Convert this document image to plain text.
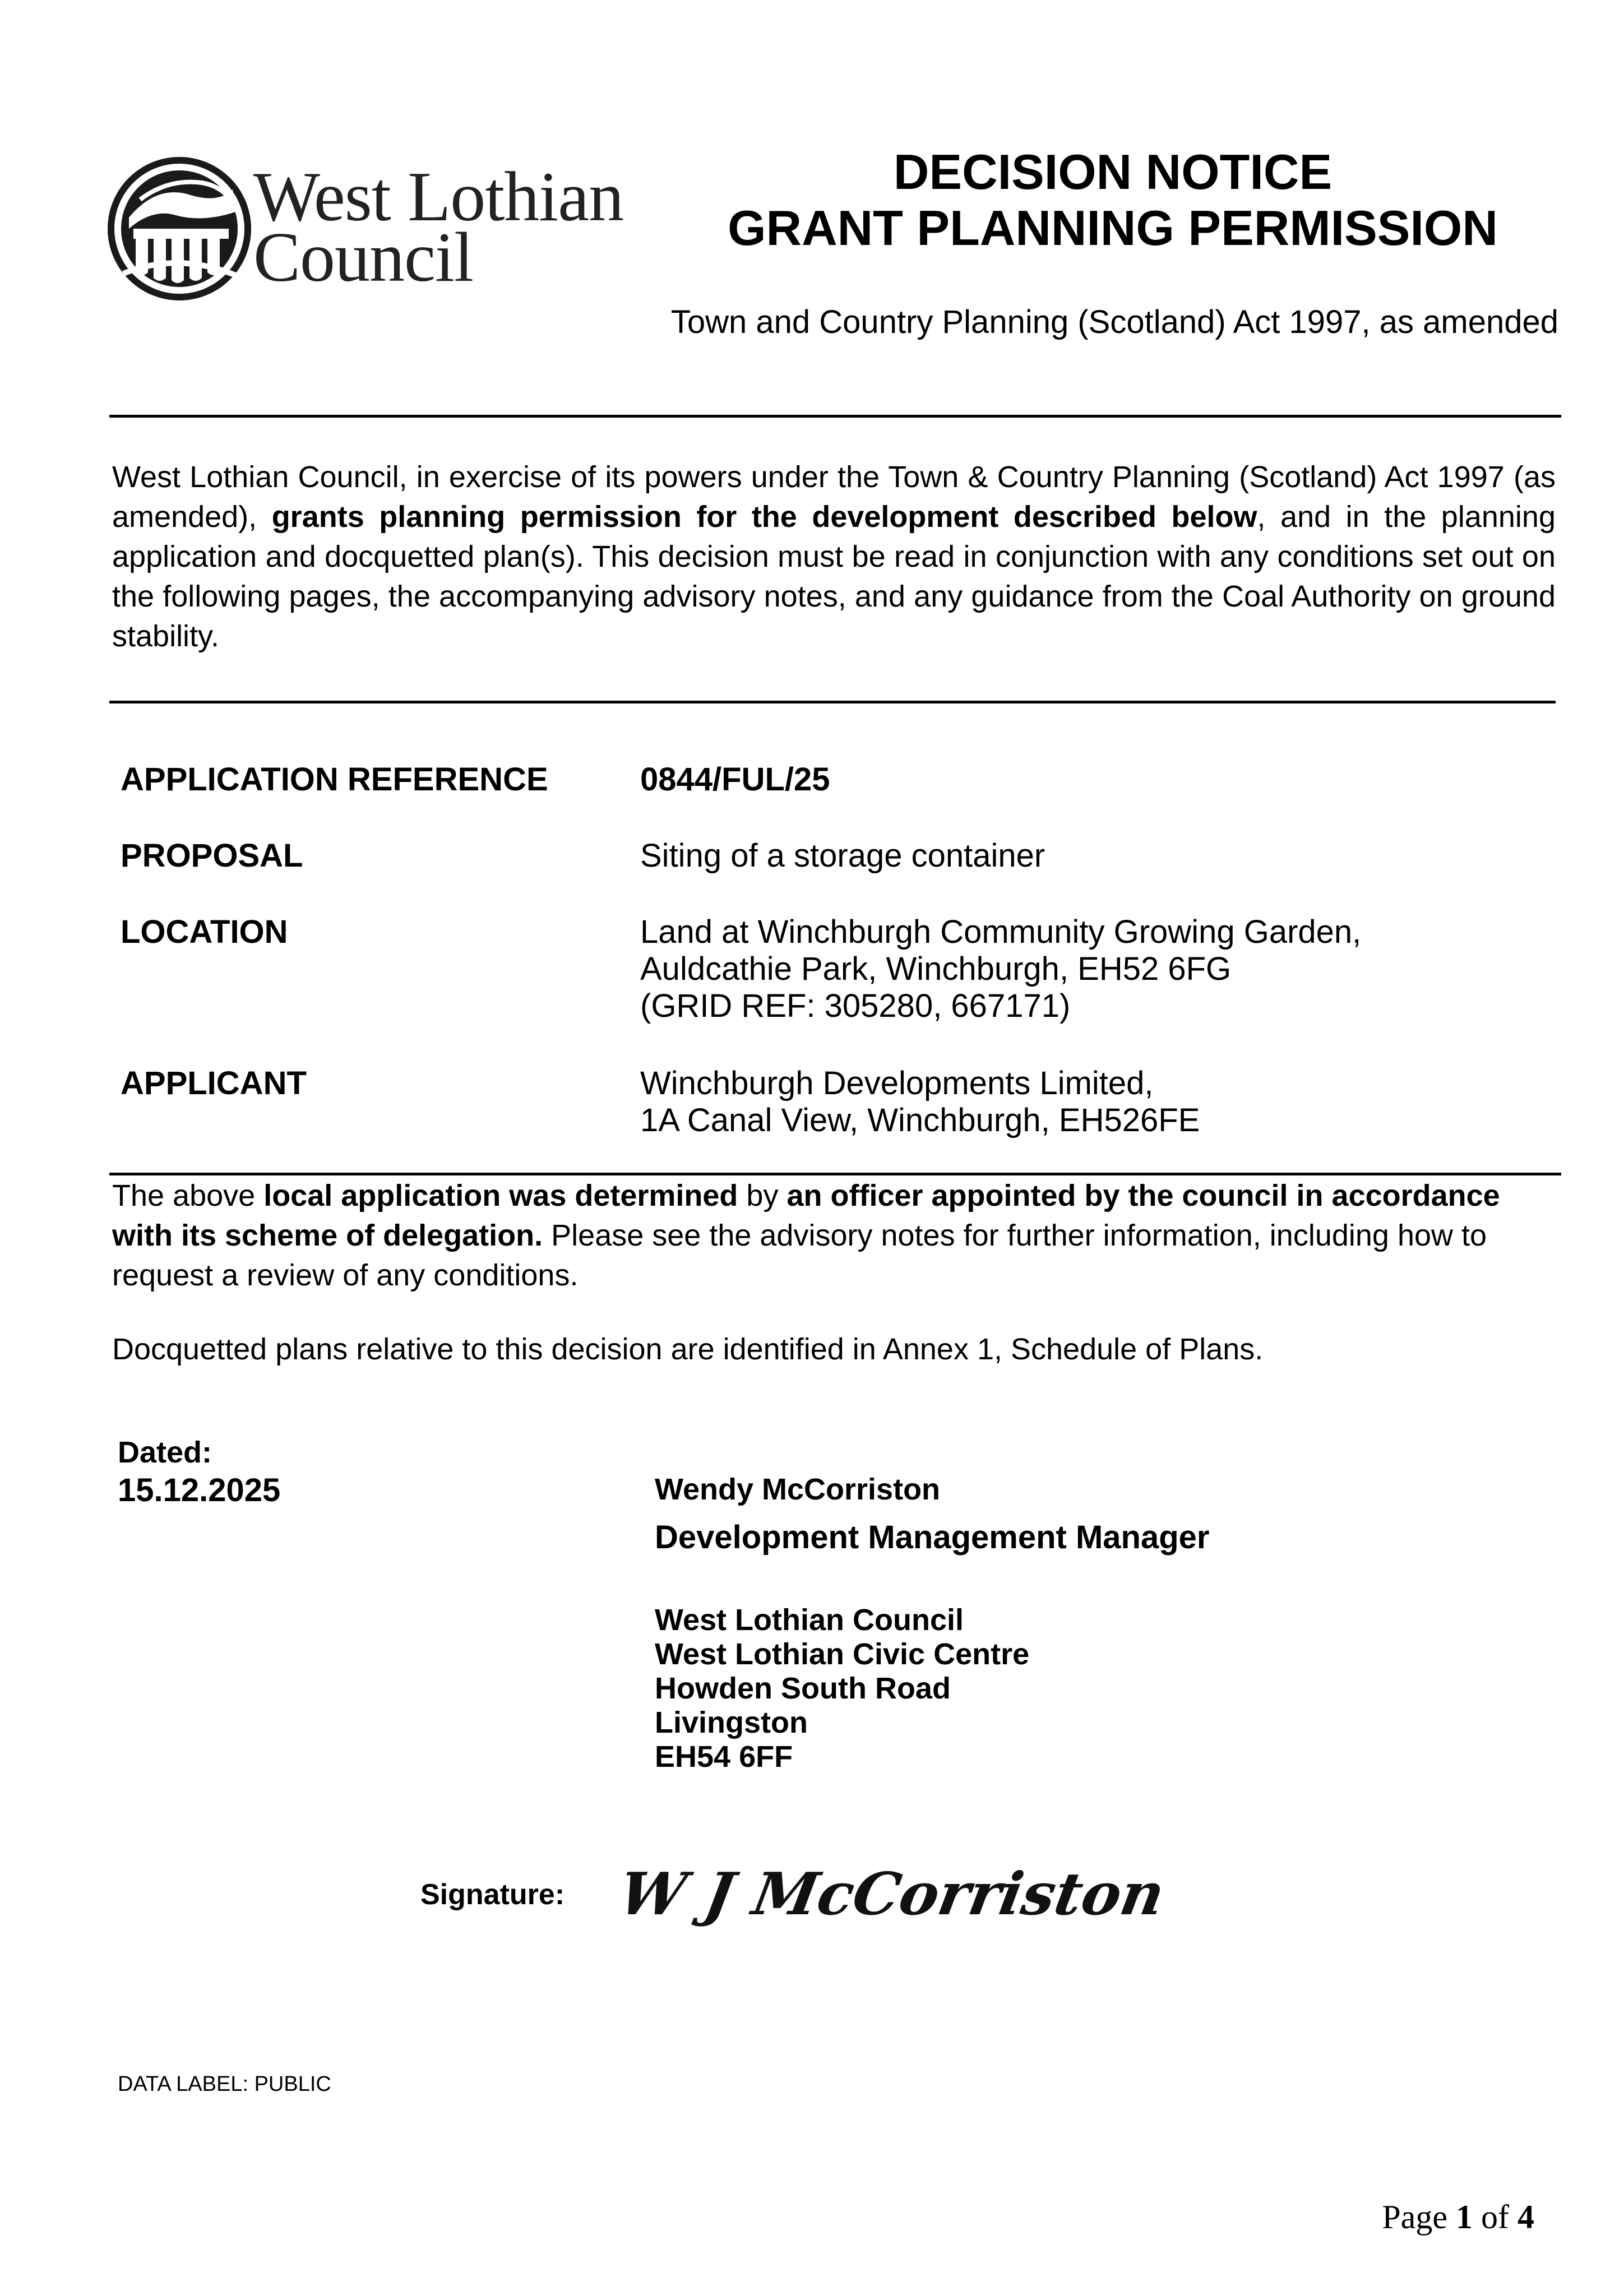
West Lothian
Council
DECISION NOTICE
GRANT PLANNING PERMISSION
Town and Country Planning (Scotland) Act 1997, as amended
West Lothian Council, in exercise of its powers under the Town & Country Planning (Scotland) Act 1997 (as amended), grants planning permission for the development described below, and in the planning application and docquetted plan(s). This decision must be read in conjunction with any conditions set out on the following pages, the accompanying advisory notes, and any guidance from the Coal Authority on ground stability.
APPLICATION REFERENCE	0844/FUL/25
PROPOSAL	Siting of a storage container
LOCATION	Land at Winchburgh Community Growing Garden,
Auldcathie Park, Winchburgh, EH52 6FG
(GRID REF: 305280, 667171)
APPLICANT	Winchburgh Developments Limited,
1A Canal View, Winchburgh, EH526FE
The above local application was determined by an officer appointed by the council in accordance with its scheme of delegation. Please see the advisory notes for further information, including how to request a review of any conditions.
Docquetted plans relative to this decision are identified in Annex 1, Schedule of Plans.
Dated:
15.12.2025	Wendy McCorriston
Development Management Manager
West Lothian Council
West Lothian Civic Centre
Howden South Road
Livingston
EH54 6FF
Signature: W J McCorriston
DATA LABEL: PUBLIC
Page 1 of 4
